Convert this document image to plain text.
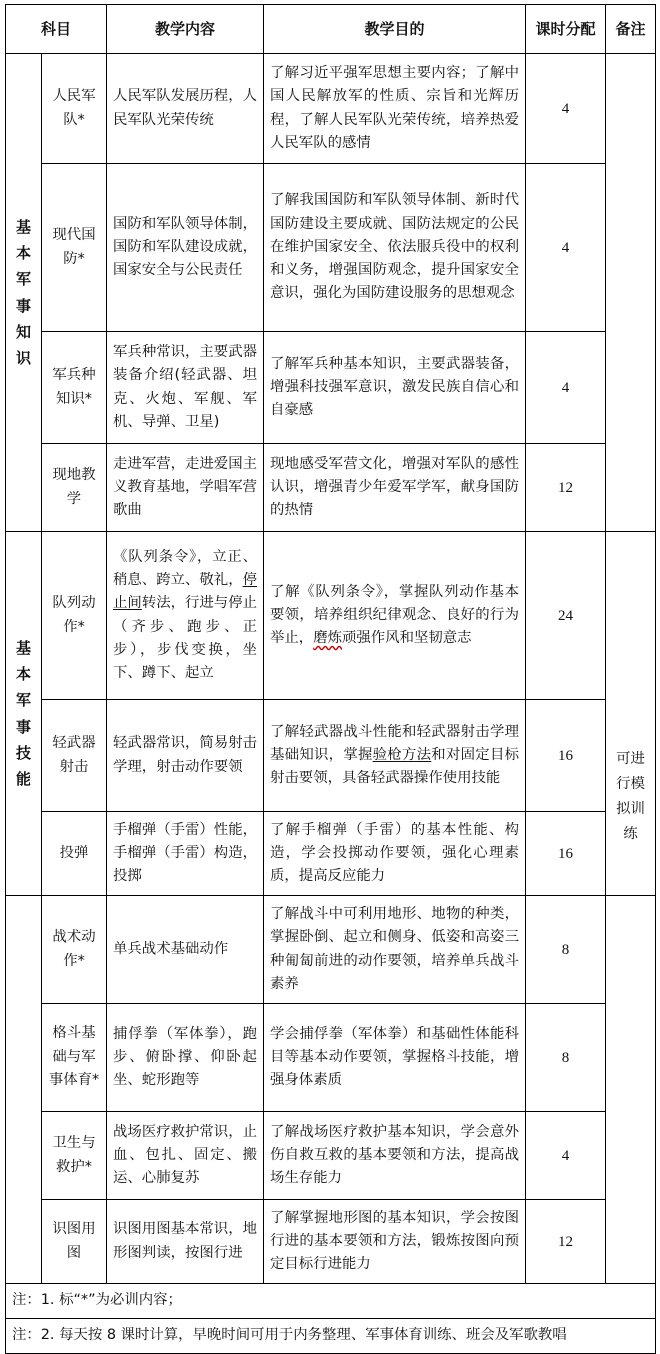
科目		教学内容	教学目的	课时分配	备注
基本军事知识	人民军队*	人民军队发展历程，人民军队光荣传统	了解习近平强军思想主要内容；了解中国人民解放军的性质、宗旨和光辉历程，了解人民军队光荣传统，培养热爱人民军队的感情	4	
	现代国防*	国防和军队领导体制，国防和军队建设成就，国家安全与公民责任	了解我国国防和军队领导体制、新时代国防建设主要成就、国防法规定的公民在维护国家安全、依法服兵役中的权利和义务，增强国防观念，提升国家安全意识，强化为国防建设服务的思想观念	4	
	军兵种知识*	军兵种常识，主要武器装备介绍(轻武器、坦克、火炮、军舰、军机、导弹、卫星)	了解军兵种基本知识，主要武器装备，增强科技强军意识，激发民族自信心和自豪感	4	
	现地教学	走进军营，走进爱国主义教育基地，学唱军营歌曲	现地感受军营文化，增强对军队的感性认识，增强青少年爱军学军，献身国防的热情	12	
基本军事技能	队列动作*	《队列条令》，立正、稍息、跨立、敬礼，停止间转法，行进与停止（齐步、跑步、正步），步伐变换，坐下、蹲下、起立	了解《队列条令》，掌握队列动作基本要领，培养组织纪律观念、良好的行为举止，磨炼顽强作风和坚韧意志	24	
	轻武器射击	轻武器常识，简易射击学理，射击动作要领	了解轻武器战斗性能和轻武器射击学理基础知识，掌握验枪方法和对固定目标射击要领，具备轻武器操作使用技能	16	可进行模拟训练
	投弹	手榴弹（手雷）性能，手榴弹（手雷）构造，投掷	了解手榴弹（手雷）的基本性能、构造，学会投掷动作要领，强化心理素质，提高反应能力	16	
	战术动作*	单兵战术基础动作	了解战斗中可利用地形、地物的种类，掌握卧倒、起立和侧身、低姿和高姿三种匍匐前进的动作要领，培养单兵战斗素养	8	
	格斗基础与军事体育*	捕俘拳（军体拳），跑步、俯卧撑、仰卧起坐、蛇形跑等	学会捕俘拳（军体拳）和基础性体能科目等基本动作要领，掌握格斗技能，增强身体素质	8	
	卫生与救护*	战场医疗救护常识，止血、包扎、固定、搬运、心肺复苏	了解战场医疗救护基本知识，学会意外伤自救互救的基本要领和方法，提高战场生存能力	4	
	识图用图	识图用图基本常识，地形图判读，按图行进	了解掌握地形图的基本知识，学会按图行进的基本要领和方法，锻炼按图向预定目标行进能力	12	
注：1. 标“*”为必训内容；					
注：2. 每天按 8 课时计算，早晚时间可用于内务整理、军事体育训练、班会及军歌教唱					
